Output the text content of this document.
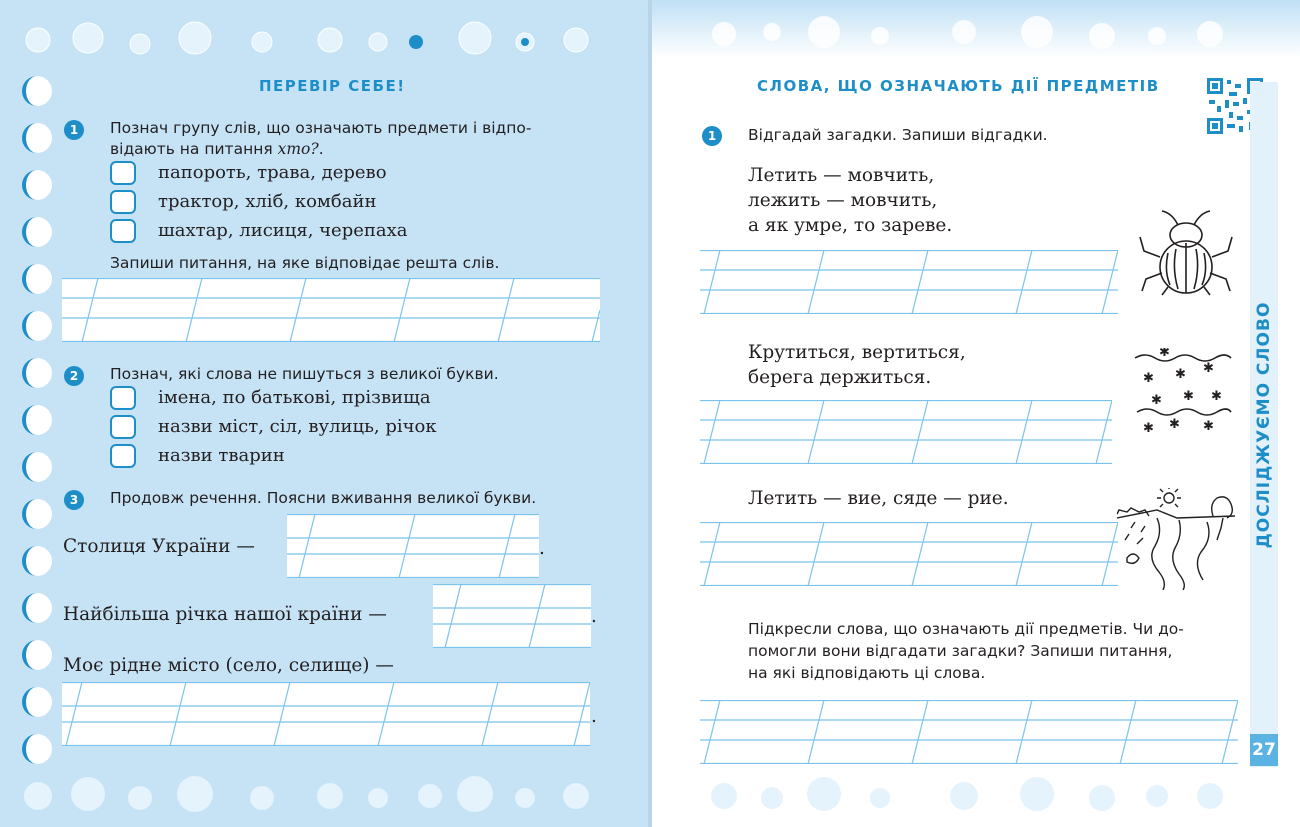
ПЕРЕВІР СЕБЕ!
1	Познач групу слів, що означають предмети і відпо-
відають на питання хто?.
папороть, трава, дерево
трактор, хліб, комбайн
шахтар, лисиця, черепаха
Запиши питання, на яке відповідає решта слів.
2	Познач, які слова не пишуться з великої букви.
імена, по батькові, прізвища
назви міст, сіл, вулиць, річок
назви тварин
3	Продовж речення. Поясни вживання великої букви.
Столиця України —	.
Найбільша річка нашої країни —	.
Моє рідне місто (село, селище) —
.
СЛОВА, ЩО ОЗНАЧАЮТЬ ДІЇ ПРЕДМЕТІВ
ДОСЛІДЖУЄМО СЛОВО
27
1	Відгадай загадки. Запиши відгадки.
Летить — мовчить,
лежить — мовчить,
а як умре, то зареве.
Крутиться, вертиться,
берега держиться.
✱
✱ ✱ ✱
✱
✱	✱
✱ ✱ ✱
Летить — вие, сяде — рие.
Підкресли слова, що означають дії предметів. Чи до-
помогли вони відгадати загадки? Запиши питання,
на які відповідають ці слова.
